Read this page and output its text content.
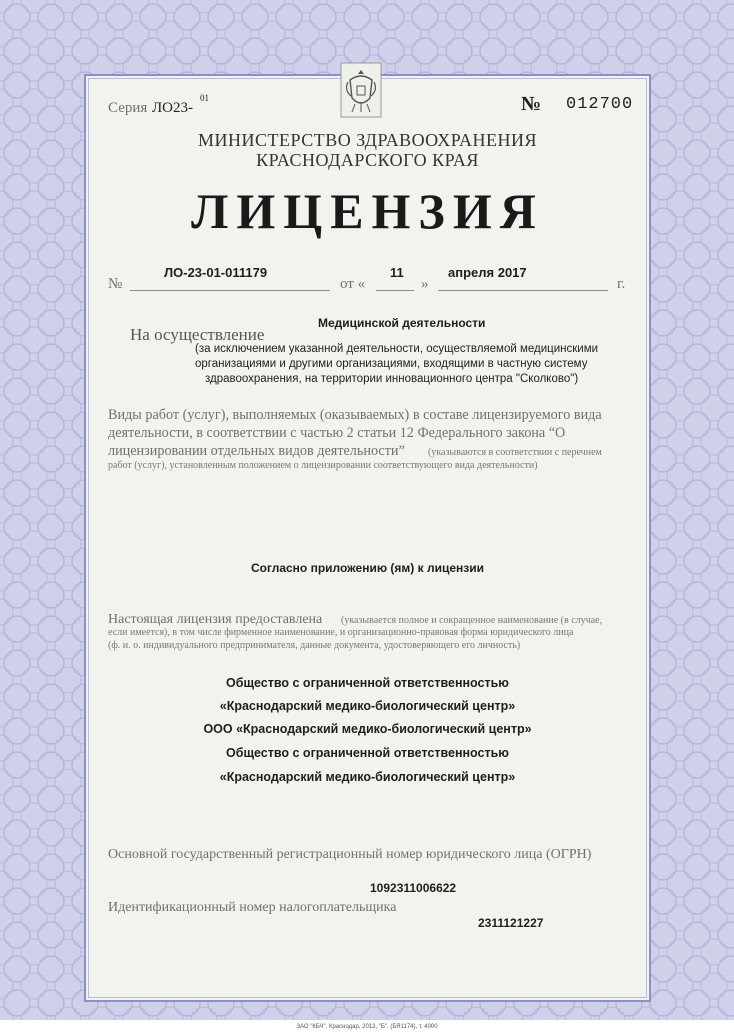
Серия ЛО23-
01	№ 012700
МИНИСТЕРСТВО ЗДРАВООХРАНЕНИЯ
КРАСНОДАРСКОГО КРАЯ
ЛИЦЕНЗИЯ
№
ЛО-23-01-011179
от «
11
»
апреля 2017
г.
Медицинской деятельности
На осуществление
(за исключением указанной деятельности, осуществляемой медицинскими
организациями и другими организациями, входящими в частную систему
здравоохранения, на территории инновационного центра "Сколково")
Виды работ (услуг), выполняемых (оказываемых) в составе лицензируемого вида
деятельности, в соответствии с частью 2 статьи 12 Федерального закона “О
лицензировании отдельных видов деятельности” (указываются в соответствии с перечнем
работ (услуг), установленным положением о лицензировании соответствующего вида деятельности)
Согласно приложению (ям) к лицензии
Настоящая лицензия предоставлена (указывается полное и сокращенное наименование (в случае,
если имеется), в том числе фирменное наименование, и организационно-правовая форма юридического лица
(ф. и. о. индивидуального предпринимателя, данные документа, удостоверяющего его личность)
Общество с ограниченной ответственностью
«Краснодарский медико-биологический центр»
ООО «Краснодарский медико-биологический центр»
Общество с ограниченной ответственностью
«Краснодарский медико-биологический центр»
Основной государственный регистрационный номер юридического лица (ОГРН)
1092311006622
Идентификационный номер налогоплательщика
2311121227
ЗАО "КБЧ", Краснодар, 2013, "Б", (БЯ1174), т. 4000
